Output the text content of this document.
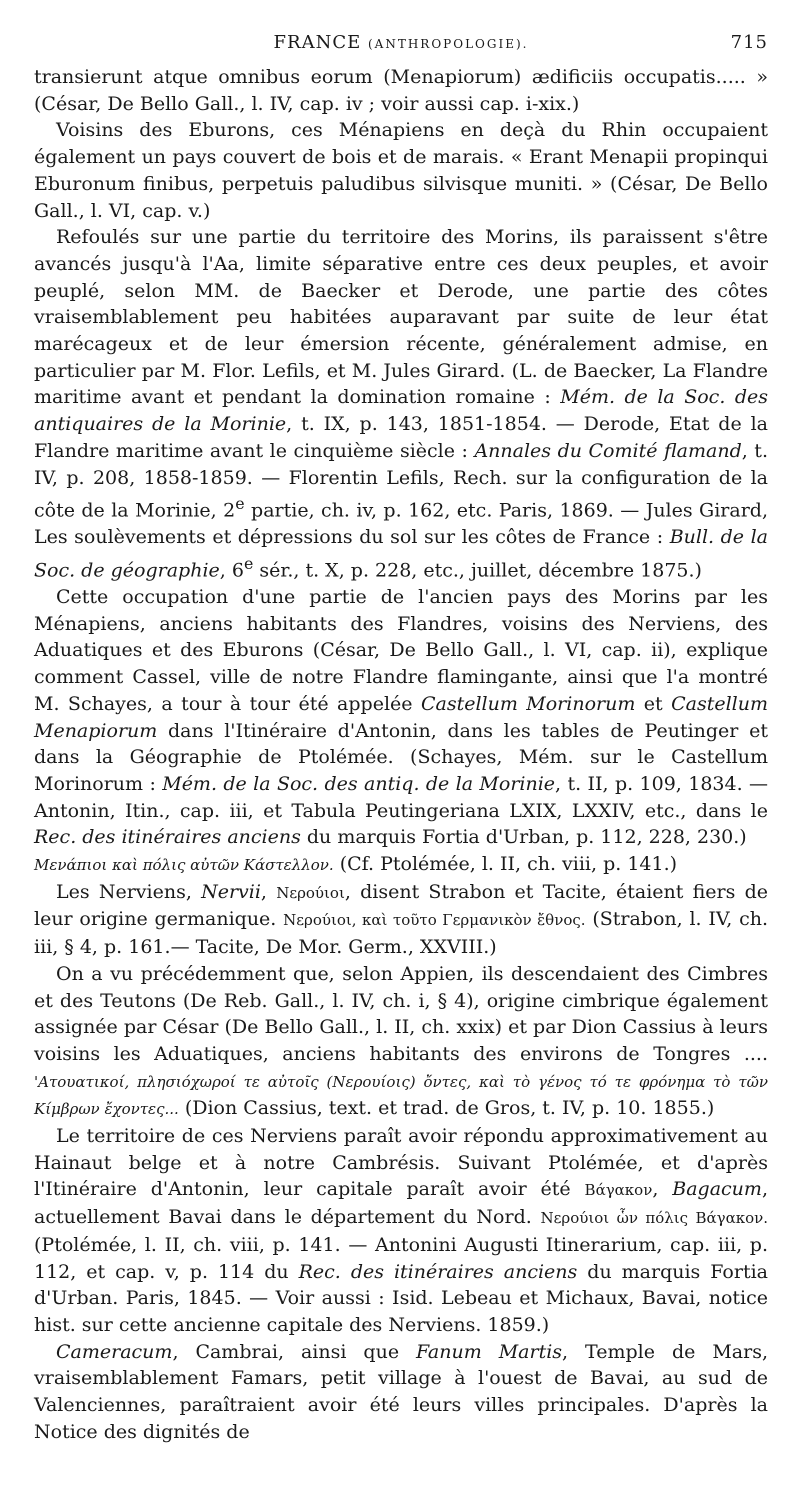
FRANCE (ANTHROPOLOGIE).	715

transierunt atque omnibus eorum (Menapiorum) ædificiis occupatis..... » (César, De Bello Gall., l. IV, cap. iv ; voir aussi cap. i-xix.)

Voisins des Eburons, ces Ménapiens en deçà du Rhin occupaient également un pays couvert de bois et de marais. « Erant Menapii propinqui Eburonum finibus, perpetuis paludibus silvisque muniti. » (César, De Bello Gall., l. VI, cap. v.)

Refoulés sur une partie du territoire des Morins, ils paraissent s'être avancés jusqu'à l'Aa, limite séparative entre ces deux peuples, et avoir peuplé, selon MM. de Baecker et Derode, une partie des côtes vraisemblablement peu habitées auparavant par suite de leur état marécageux et de leur émersion récente, généralement admise, en particulier par M. Flor. Lefils, et M. Jules Girard. (L. de Baecker, La Flandre maritime avant et pendant la domination romaine : Mém. de la Soc. des antiquaires de la Morinie, t. IX, p. 143, 1851-1854. — Derode, Etat de la Flandre maritime avant le cinquième siècle : Annales du Comité flamand, t. IV, p. 208, 1858-1859. — Florentin Lefils, Rech. sur la configuration de la côte de la Morinie, 2e partie, ch. iv, p. 162, etc. Paris, 1869. — Jules Girard, Les soulèvements et dépressions du sol sur les côtes de France : Bull. de la Soc. de géographie, 6e sér., t. X, p. 228, etc., juillet, décembre 1875.)

Cette occupation d'une partie de l'ancien pays des Morins par les Ménapiens, anciens habitants des Flandres, voisins des Nerviens, des Aduatiques et des Eburons (César, De Bello Gall., l. VI, cap. ii), explique comment Cassel, ville de notre Flandre flamingante, ainsi que l'a montré M. Schayes, a tour à tour été appelée Castellum Morinorum et Castellum Menapiorum dans l'Itinéraire d'Antonin, dans les tables de Peutinger et dans la Géographie de Ptolémée. (Schayes, Mém. sur le Castellum Morinorum : Mém. de la Soc. des antiq. de la Morinie, t. II, p. 109, 1834. — Antonin, Itin., cap. iii, et Tabula Peutingeriana LXIX, LXXIV, etc., dans le Rec. des itinéraires anciens du marquis Fortia d'Urban, p. 112, 228, 230.)

Μενάπιοι καὶ πόλις αὐτῶν Κάστελλον. (Cf. Ptolémée, l. II, ch. viii, p. 141.)

Les Nerviens, Nervii, Νερούιοι, disent Strabon et Tacite, étaient fiers de leur origine germanique. Νερούιοι, καὶ τοῦτο Γερμανικὸν ἔθνος. (Strabon, l. IV, ch. iii, § 4, p. 161.— Tacite, De Mor. Germ., XXVIII.)

On a vu précédemment que, selon Appien, ils descendaient des Cimbres et des Teutons (De Reb. Gall., l. IV, ch. i, § 4), origine cimbrique également assignée par César (De Bello Gall., l. II, ch. xxix) et par Dion Cassius à leurs voisins les Aduatiques, anciens habitants des environs de Tongres .... 'Ατουατικοί, πλησιόχωροί τε αὐτοῖς (Νερουίοις) ὄντες, καὶ τὸ γένος τό τε φρόνημα τὸ τῶν Κίμβρων ἔχοντες... (Dion Cassius, text. et trad. de Gros, t. IV, p. 10. 1855.)

Le territoire de ces Nerviens paraît avoir répondu approximativement au Hainaut belge et à notre Cambrésis. Suivant Ptolémée, et d'après l'Itinéraire d'Antonin, leur capitale paraît avoir été Βάγακον, Bagacum, actuellement Bavai dans le département du Nord. Νερούιοι ὧν πόλις Βάγακον. (Ptolémée, l. II, ch. viii, p. 141. — Antonini Augusti Itinerarium, cap. iii, p. 112, et cap. v, p. 114 du Rec. des itinéraires anciens du marquis Fortia d'Urban. Paris, 1845. — Voir aussi : Isid. Lebeau et Michaux, Bavai, notice hist. sur cette ancienne capitale des Nerviens. 1859.)

Cameracum, Cambrai, ainsi que Fanum Martis, Temple de Mars, vraisemblablement Famars, petit village à l'ouest de Bavai, au sud de Valenciennes, paraîtraient avoir été leurs villes principales. D'après la Notice des dignités de
